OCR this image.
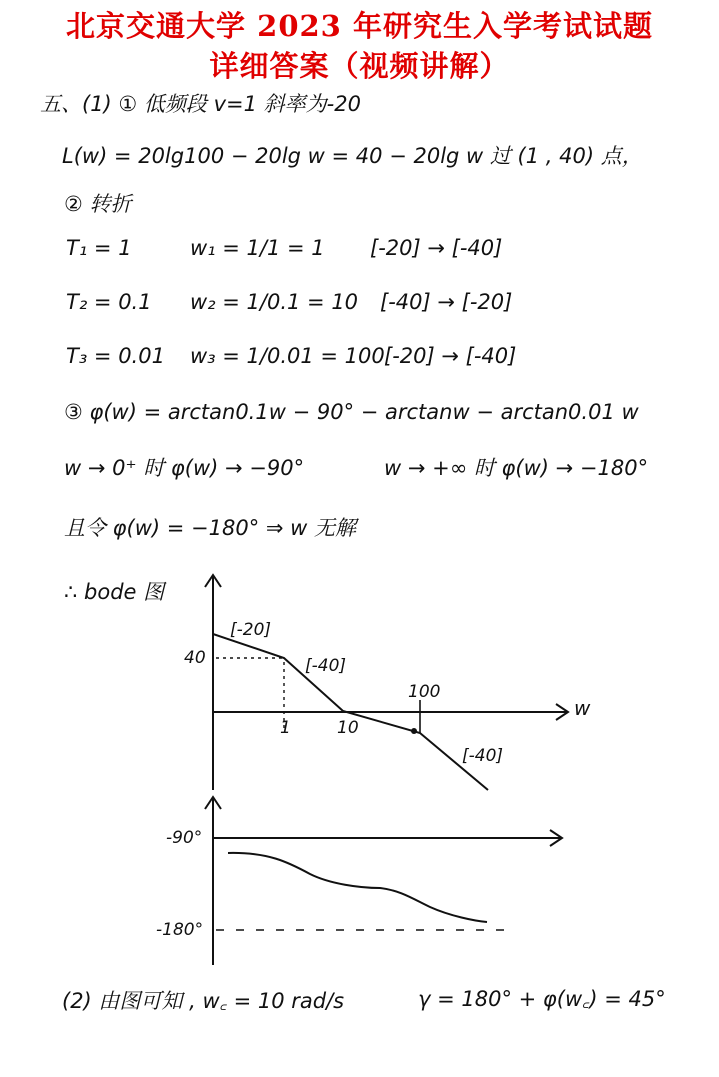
北京交通大学 2023 年研究生入学考试试题
详细答案（视频讲解）
五、(1) ① 低频段 v=1 斜率为-20
L(w) = 20lg100 − 20lg w = 40 − 20lg w 过 (1 , 40) 点，
② 转折
T₁ = 1	w₁ = 1/1 = 1 [-20] → [-40]
T₂ = 0.1 w₂ = 1/0.1 = 10 [-40] → [-20]
T₃ = 0.01 w₃ = 1/0.01 = 100 [-20] → [-40]
③ φ(w) = arctan0.1w − 90° − arctanw − arctan0.01 w
w → 0⁺ 时 φ(w) → −90°	w → +∞ 时 φ(w) → −180°
且令 φ(w) = −180° ⇒ w 无解
∴ bode 图
[-20]
[-40]
[-40]
40
1	10
100
w
-90°
-180°
(2) 由图可知 , w꜀ = 10 rad/s	γ = 180° + φ(w꜀) = 45°
